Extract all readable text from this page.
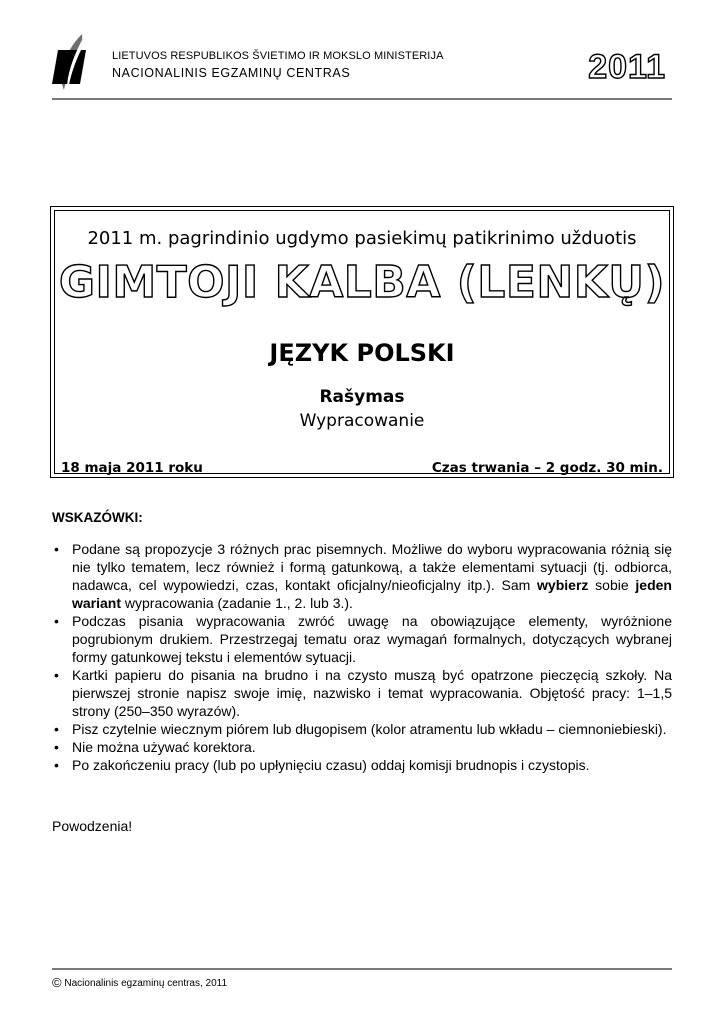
LIETUVOS RESPUBLIKOS ŠVIETIMO IR MOKSLO MINISTERIJA
NACIONALINIS EGZAMINŲ CENTRAS	2011
2011 m. pagrindinio ugdymo pasiekimų patikrinimo užduotis
GIMTOJI KALBA (LENKŲ)
JĘZYK POLSKI
Rašymas
Wypracowanie
18 maja 2011 roku	Czas trwania – 2 godz. 30 min.
WSKAZÓWKI:
• Podane są propozycje 3 różnych prac pisemnych. Możliwe do wyboru wypracowania różnią się nie tylko tematem, lecz również i formą gatunkową, a także elementami sytuacji (tj. odbiorca, nadawca, cel wypowiedzi, czas, kontakt oficjalny/nieoficjalny itp.). Sam wybierz sobie jeden wariant wypracowania (zadanie 1., 2. lub 3.).
• Podczas pisania wypracowania zwróć uwagę na obowiązujące elementy, wyróżnione pogrubionym drukiem. Przestrzegaj tematu oraz wymagań formalnych, dotyczących wybranej formy gatunkowej tekstu i elementów sytuacji.
• Kartki papieru do pisania na brudno i na czysto muszą być opatrzone pieczęcią szkoły. Na pierwszej stronie napisz swoje imię, nazwisko i temat wypracowania. Objętość pracy: 1–1,5 strony (250–350 wyrazów).
• Pisz czytelnie wiecznym piórem lub długopisem (kolor atramentu lub wkładu – ciemnoniebieski).
• Nie można używać korektora.
• Po zakończeniu pracy (lub po upłynięciu czasu) oddaj komisji brudnopis i czystopis.
Powodzenia!
© Nacionalinis egzaminų centras, 2011
